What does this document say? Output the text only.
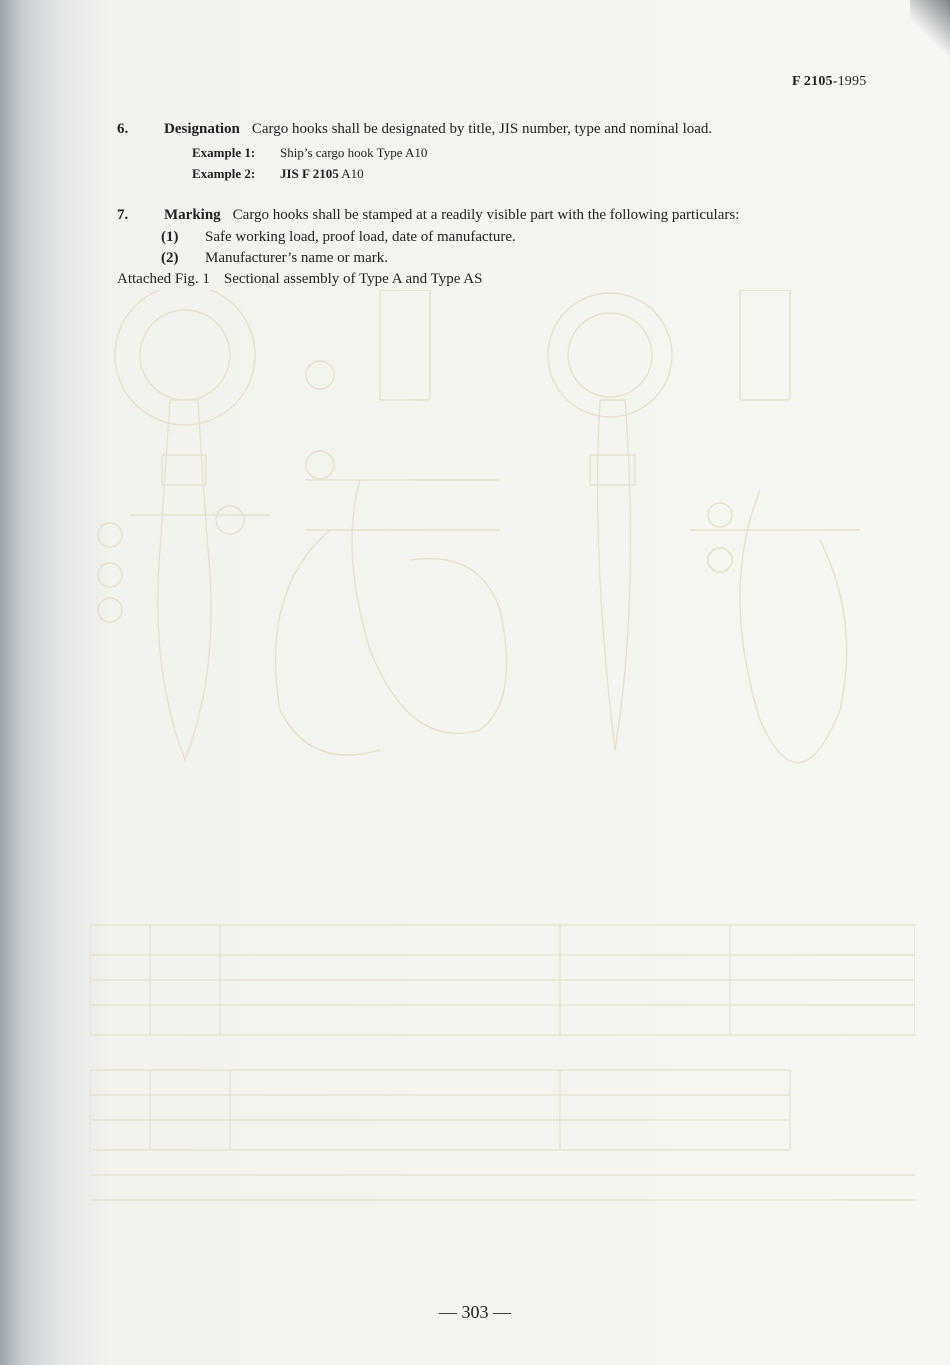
F 2105-1995
6. Designation Cargo hooks shall be designated by title, JIS number, type and nominal load.
Example 1: Ship’s cargo hook Type A10
Example 2: JIS F 2105 A10
7. Marking Cargo hooks shall be stamped at a readily visible part with the following particulars:
(1) Safe working load, proof load, date of manufacture.
(2) Manufacturer’s name or mark.
Attached Fig. 1 Sectional assembly of Type A and Type AS
— 303 —
